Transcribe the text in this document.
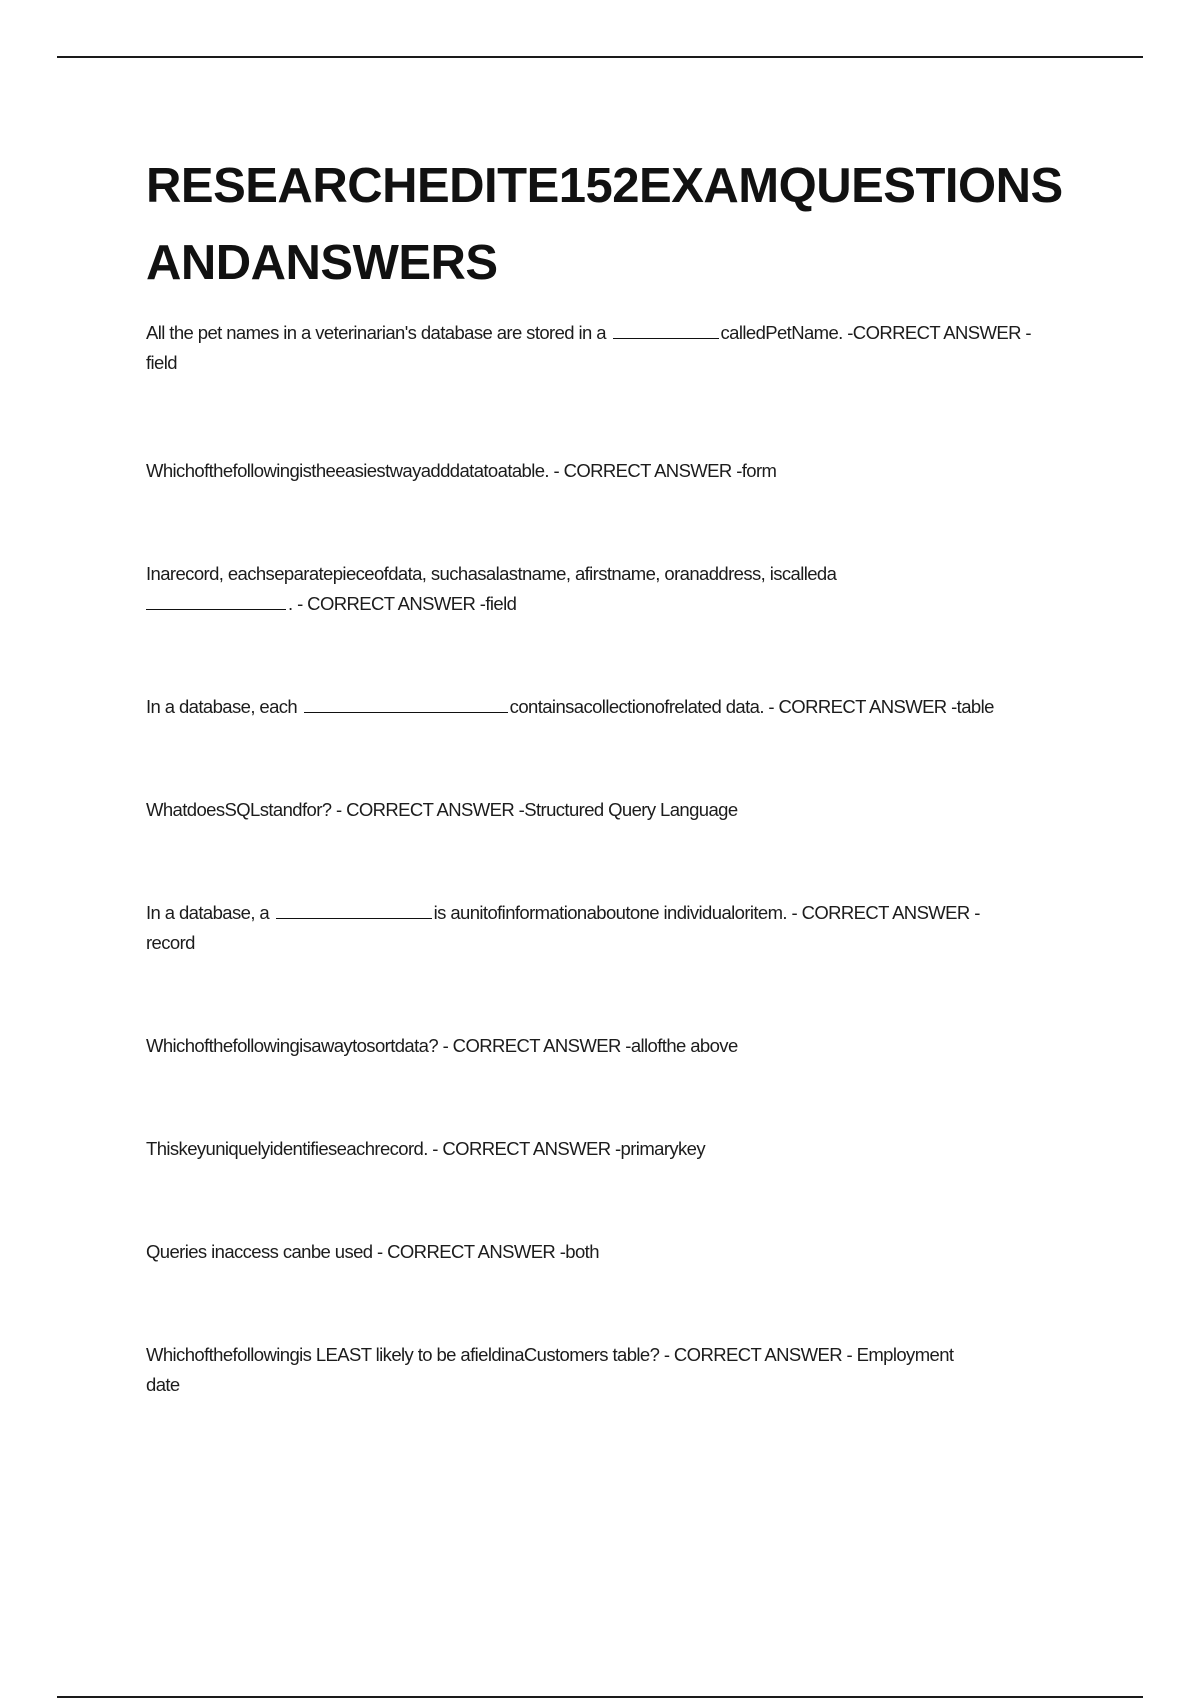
RESEARCHEDITE152EXAMQUESTIONS
ANDANSWERS

All the pet names in a veterinarian's database are stored in a	calledPetName. -CORRECT ANSWER -field

Whichofthefollowingistheeasiestwayadddatatoatable. - CORRECT ANSWER -form

Inarecord, eachseparatepieceofdata, suchasalastname, afirstname, oranaddress, iscalleda
. - CORRECT ANSWER -field

In a database, each	containsacollectionofrelated data. - CORRECT ANSWER -table

WhatdoesSQLstandfor? - CORRECT ANSWER -Structured Query Language

In a database, a	is aunitofinformationaboutone individualoritem. - CORRECT ANSWER -record

Whichofthefollowingisawaytosortdata? - CORRECT ANSWER -allofthe above

Thiskeyuniquelyidentifieseachrecord. - CORRECT ANSWER -primarykey

Queries inaccess canbe used - CORRECT ANSWER -both

Whichofthefollowingis LEAST likely to be afieldinaCustomers table? - CORRECT ANSWER - Employment date
